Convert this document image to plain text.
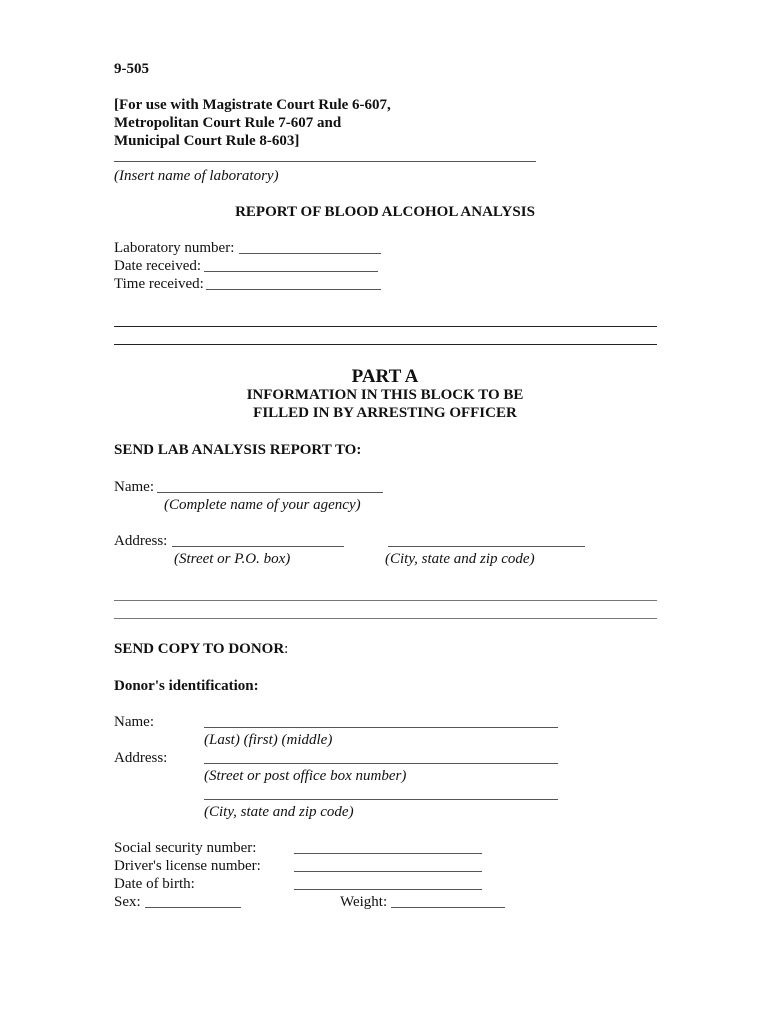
9-505
[For use with Magistrate Court Rule 6-607,
Metropolitan Court Rule 7-607 and
Municipal Court Rule 8-603]
(Insert name of laboratory)
REPORT OF BLOOD ALCOHOL ANALYSIS
Laboratory number:
Date received:
Time received:
PART A
INFORMATION IN THIS BLOCK TO BE
FILLED IN BY ARRESTING OFFICER
SEND LAB ANALYSIS REPORT TO:
Name:
(Complete name of your agency)
Address:
(Street or P.O. box)	(City, state and zip code)
SEND COPY TO DONOR:
Donor's identification:
Name:
(Last) (first) (middle)
Address:
(Street or post office box number)
(City, state and zip code)
Social security number:
Driver's license number:
Date of birth:
Sex:	Weight:
